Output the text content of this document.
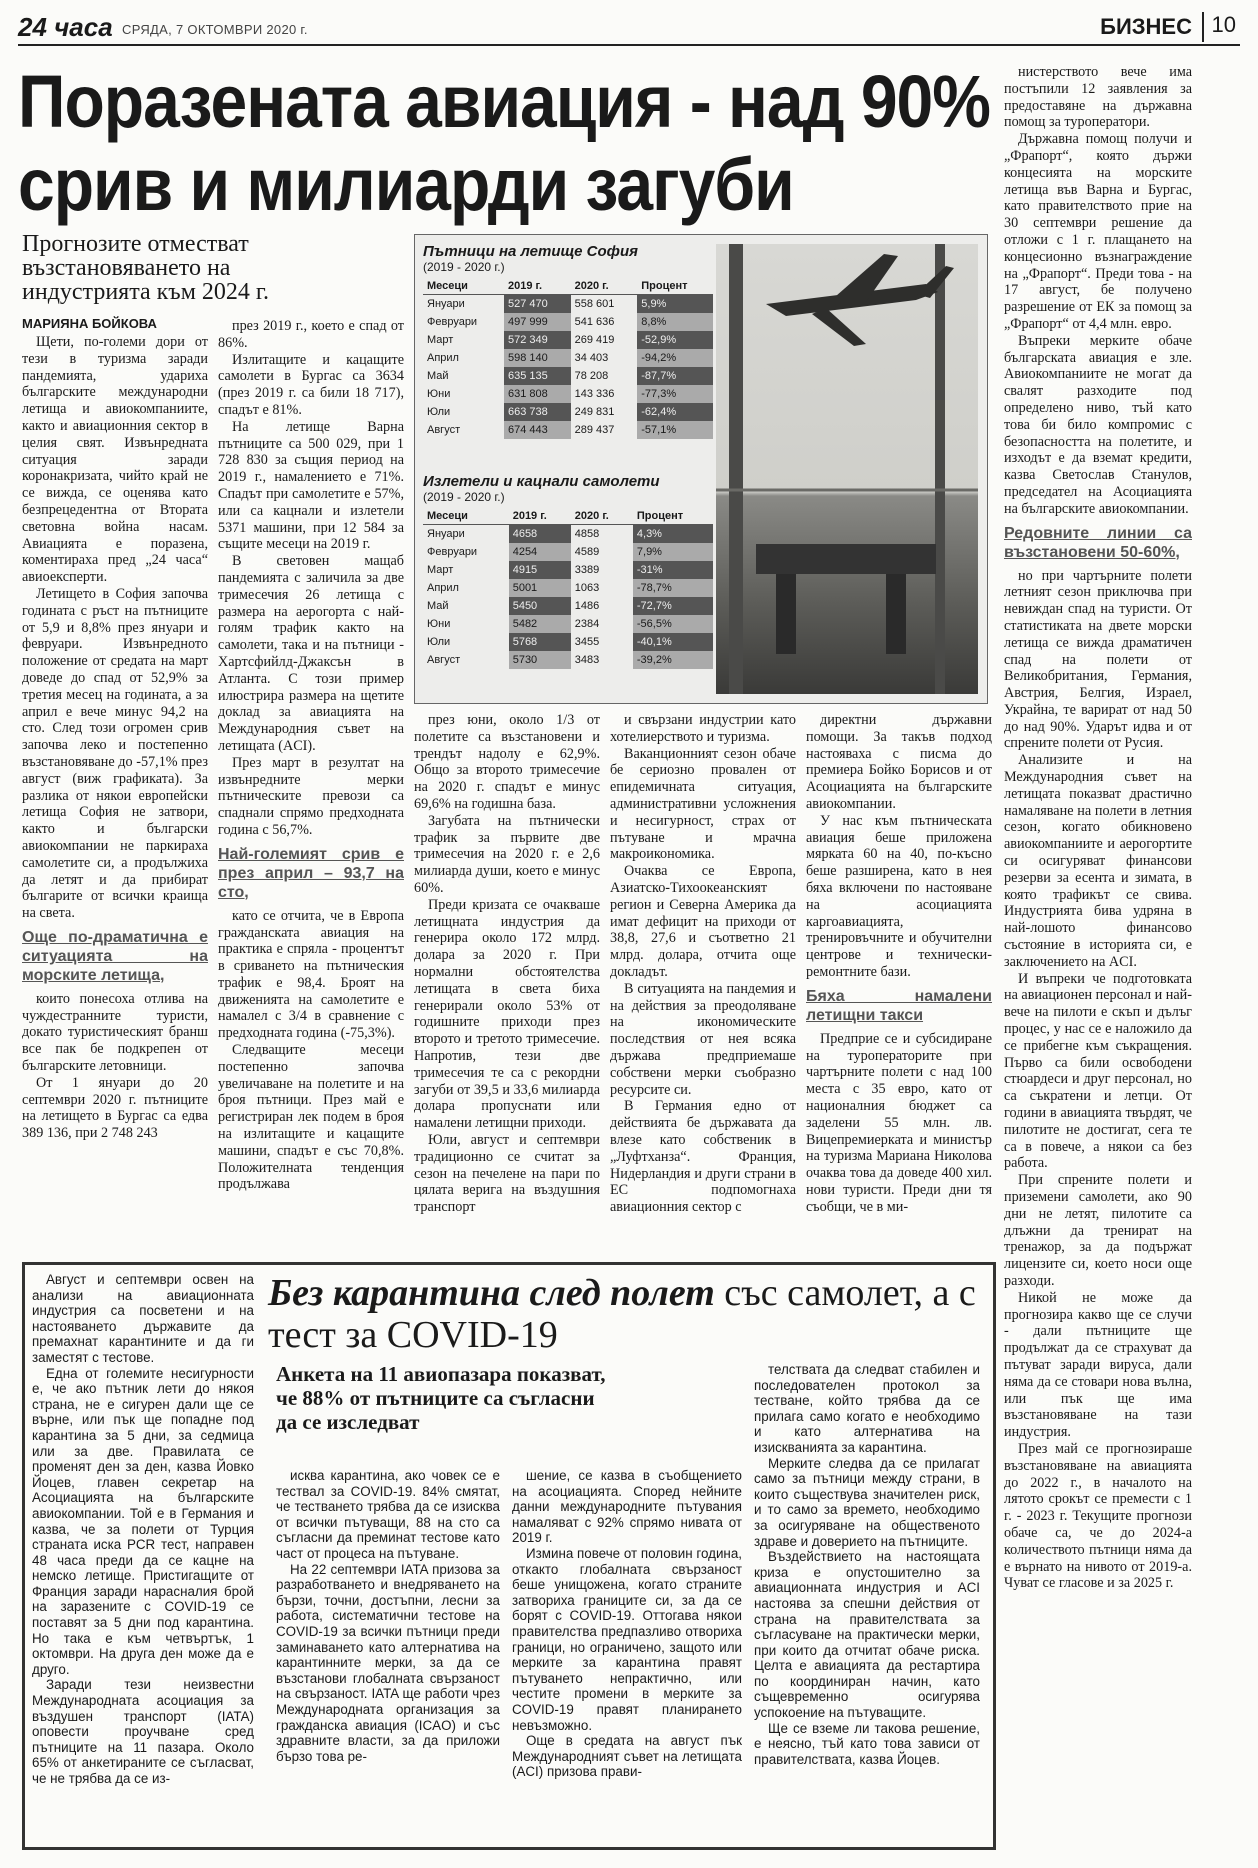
24 часа СРЯДА, 7 ОКТОМВРИ 2020 г.	БИЗНЕС 10
Поразената авиация - над 90% срив и милиарди загуби
Прогнозите отместват възстановяването на индустрията към 2024 г.
МАРИЯНА БОЙКОВА

Щети, по-големи дори от тези в туризма заради пандемията, удариха българските международни летища и авиокомпаниите, както и авиационния сектор в целия свят. Извънредната ситуация заради коронакризата, чийто край не се вижда, се оценява като безпрецедентна от Втората световна война насам. Авиацията е поразена, коментираха пред „24 часа“ авиоексперти.

Летището в София започва годината с ръст на пътниците от 5,9 и 8,8% през януари и февруари. Извънредното положение от средата на март доведе до спад от 52,9% за третия месец на годината, а за април е вече минус 94,2 на сто. След този огромен срив започва леко и постепенно възстановяване до -57,1% през август (виж графиката). За разлика от някои европейски летища София не затвори, както и български авиокомпании не паркираха самолетите си, а продължиха да летят и да прибират българите от всички краища на света.

Още по-драматична е ситуацията на морските летища,

които понесоха отлива на чуждестранните туристи, докато туристическият бранш все пак бе подкрепен от българските летовници.

От 1 януари до 20 септември 2020 г. пътниците на летището в Бургас са едва 389 136, при 2 748 243

през 2019 г., което е спад от 86%.

Излитащите и кацащите самолети в Бургас са 3634 (през 2019 г. са били 18 717), спадът е 81%.

На летище Варна пътниците са 500 029, при 1 728 830 за същия период на 2019 г., намалението е 71%. Спадът при самолетите е 57%, или са кацнали и излетели 5371 машини, при 12 584 за същите месеци на 2019 г.

В световен мащаб пандемията с заличила за две тримесечия 26 летища с размера на аерогорта с най-голям трафик както на самолети, така и на пътници - Хартсфийлд-Джаксън в Атланта. С този пример илюстрира размера на щетите доклад за авиацията на Международния съвет на летищата (ACI).

През март в резултат на извънредните мерки пътническите превози са спаднали спрямо предходната година с 56,7%.

Най-големият срив е през април – 93,7 на сто,

като се отчита, че в Европа гражданската авиация на практика е спряла - процентът в сриването на пътническия трафик е 98,4. Броят на движенията на самолетите е намалел с 3/4 в сравнение с предходната година (-75,3%).

Следващите месеци постепенно започва увеличаване на полетите и на броя пътници. През май е регистриран лек подем в броя на излитащите и кацащите машини, спадът е със 70,8%. Положителната тенденция продължава

Пътници на летище София
(2019 - 2020 г.)
Месеци	2019 г.	2020 г.	Процент
Януари	527 470	558 601	5,9%
Февруари	497 999	541 636	8,8%
Март	572 349	269 419	-52,9%
Април	598 140	34 403	-94,2%
Май	635 135	78 208	-87,7%
Юни	631 808	143 336	-77,3%
Юли	663 738	249 831	-62,4%
Август	674 443	289 437	-57,1%
Излетели и кацнали самолети
(2019 - 2020 г.)
Месеци	2019 г.	2020 г.	Процент
Януари	4658	4858	4,3%
Февруари	4254	4589	7,9%
Март	4915	3389	-31%
Април	5001	1063	-78,7%
Май	5450	1486	-72,7%
Юни	5482	2384	-56,5%
Юли	5768	3455	-40,1%
Август	5730	3483	-39,2%

през юни, около 1/3 от полетите са възстановени и трендът надолу е 62,9%. Общо за второто тримесечие на 2020 г. спадът е минус 69,6% на годишна база.

Загубата на пътнически трафик за първите две тримесечия на 2020 г. е 2,6 милиарда души, което е минус 60%.

Преди кризата се очакваше летищната индустрия да генерира около 172 млрд. долара за 2020 г. При нормални обстоятелства летищата в света биха генерирали около 53% от годишните приходи през второто и третото тримесечие. Напротив, тези две тримесечия те са с рекордни загуби от 39,5 и 33,6 милиарда долара пропуснати или намалени летищни приходи.

Юли, август и септември традиционно се считат за сезон на печелене на пари по цялата верига на въздушния транспорт

и свързани индустрии като хотелиерството и туризма.

Ваканционният сезон обаче бе сериозно провален от епидемичната ситуация, административни усложнения и несигурност, страх от пътуване и мрачна макроикономика.

Очаква се Европа, Азиатско-Тихоокеанският регион и Северна Америка да имат дефицит на приходи от 38,8, 27,6 и съответно 21 млрд. долара, отчита още докладът.

В ситуацията на пандемия и на действия за преодоляване на икономическите последствия от нея всяка държава предприемаше собствени мерки съобразно ресурсите си.

В Германия едно от действията бе държавата да влезе като собственик в „Луфтханза“. Франция, Нидерландия и други страни в ЕС подпомогнаха авиационния сектор с

директни държавни помощи. За такъв подход настояваха с писма до премиера Бойко Борисов и от Асоциацията на българските авиокомпании.

У нас към пътническата авиация беше приложена мярката 60 на 40, по-късно беше разширена, като в нея бяха включени по настояване на асоциацията каргоавиацията, тренировъчните и обучителни центрове и технически-ремонтните бази.

Бяха намалени летищни такси

Предприе се и субсидиране на туроператорите при чартърните полети с над 100 места с 35 евро, като от националния бюджет са заделени 55 млн. лв. Вицепремиерката и министър на туризма Мариана Николова очаква това да доведе 400 хил. нови туристи. Преди дни тя съобщи, че в ми-

нистерството вече има постъпили 12 заявления за предоставяне на държавна помощ за туроператори.

Държавна помощ получи и „Фрапорт“, която държи концесията на морските летища във Варна и Бургас, като правителството прие на 30 септември решение да отложи с 1 г. плащането на концесионно възнаграждение на „Фрапорт“. Преди това - на 17 август, бе получено разрешение от ЕК за помощ за „Фрапорт“ от 4,4 млн. евро.

Въпреки мерките обаче българската авиация е зле. Авиокомпаниите не могат да свалят разходите под определено ниво, тъй като това би било компромис с безопасността на полетите, и изходът е да вземат кредити, казва Светослав Станулов, председател на Асоциацията на българските авиокомпании.

Редовните линии са възстановени 50-60%,

но при чартърните полети летният сезон приключва при невиждан спад на туристи. От статистиката на двете морски летища се вижда драматичен спад на полети от Великобритания, Германия, Австрия, Белгия, Израел, Украйна, те варират от над 50 до над 90%. Ударът идва и от спрените полети от Русия.

Анализите и на Международния съвет на летищата показват драстично намаляване на полети в летния сезон, когато обикновено авиокомпаниите и аерогортите си осигуряват финансови резерви за есента и зимата, в която трафикът се свива. Индустрията бива удряна в най-лошото финансово състояние в историята си, е заключението на ACI.

И въпреки че подготовката на авиационен персонал и най-вече на пилоти е скъп и дълъг процес, у нас се е наложило да се прибегне към съкращения. Първо са били освободени стюардеси и друг персонал, но са съкратени и летци. От години в авиацията твърдят, че пилотите не достигат, сега те са в повече, а някои са без работа.

При спрените полети и приземени самолети, ако 90 дни не летят, пилотите са длъжни да тренират на тренажор, за да подържат лицензите си, което носи още разходи.

Никой не може да прогнозира какво ще се случи - дали пътниците ще продължат да се страхуват да пътуват заради вируса, дали няма да се стовари нова вълна, или пък ще има възстановяване на тази индустрия.

През май се прогнозираше възстановяване на авиацията до 2022 г., в началото на лятото срокът се премести с 1 г. - 2023 г. Текущите прогнози обаче са, че до 2024-а количеството пътници няма да е върнато на нивото от 2019-а. Чуват се гласове и за 2025 г.

Без карантина след полет със самолет, а с тест за COVID-19
Анкета на 11 авиопазара показват, че 88% от пътниците са съгласни да се изследват

Август и септември освен на анализи на авиационната индустрия са посветени и на настояването държавите да премахнат карантините и да ги заместят с тестове.

Една от големите несигурности е, че ако пътник лети до някоя страна, не е сигурен дали ще се върне, или пък ще попадне под карантина за 5 дни, за седмица или за две. Правилата се променят ден за ден, казва Йовко Йоцев, главен секретар на Асоциацията на българските авиокомпании. Той е в Германия и казва, че за полети от Турция страната иска PCR тест, направен 48 часа преди да се кацне на немско летище. Пристигащите от Франция заради нарасналия брой на заразените с COVID-19 се поставят за 5 дни под карантина. Но такa е към четвъртък, 1 октомври. На друга ден може да е друго.

Заради тези неизвестни Международната асоциация за въздушен транспорт (IATA) оповести проучване сред пътниците на 11 пазара. Около 65% от анкетираните се съгласват, че не трябва да се из-

исква карантина, ако човек се е тествал за COVID-19. 84% смятат, че тестването трябва да се изисква от всички пътуващи, 88 на сто са съгласни да преминат тестове като част от процеса на пътуване.

На 22 септември IATA призова за разработването и внедряването на бързи, точни, достъпни, лесни за работа, систематични тестове на COVID-19 за всички пътници преди заминаването като алтернатива на карантинните мерки, за да се възстанови глобалната свързаност на свързаност. IATA ще работи чрез Международната организация за гражданска авиация (ICAO) и със здравните власти, за да приложи бързо това ре-

шение, се казва в съобщението на асоциацията. Според нейните данни международните пътувания намаляват с 92% спрямо нивата от 2019 г.

Изминa повече от половин година, откакто глобалната свързаност беше унищожена, когато страните затвориха границите си, за да се борят с COVID-19. Оттогава някои правителства предпазливо отвориха граници, но ограничено, защото или мерките за карантина правят пътуването непрактично, или честите промени в мерките за COVID-19 правят планирането невъзможно.

Още в средата на август пък Международният съвет на летищата (ACI) призова прави-

телствата да следват стабилен и последователен протокол за тестване, който трябва да се прилага само когато е необходимо и като алтернатива на изискванията за карантина.

Мерките следва да се прилагат само за пътници между страни, в които съществува значителен риск, и то само за времето, необходимо за осигуряване на общественото здраве и доверието на пътниците.

Въздействието на настоящата криза е опустошително за авиационната индустрия и ACI настоява за спешни действия от страна на правителствата за съгласуване на практически мерки, при които да отчитат обаче риска. Целта е авиацията да рестартира по координиран начин, като същевременно осигурява успокоение на пътуващите.

Ще се вземе ли такова решение, е неясно, тъй като това зависи от правителствата, казва Йоцев.
